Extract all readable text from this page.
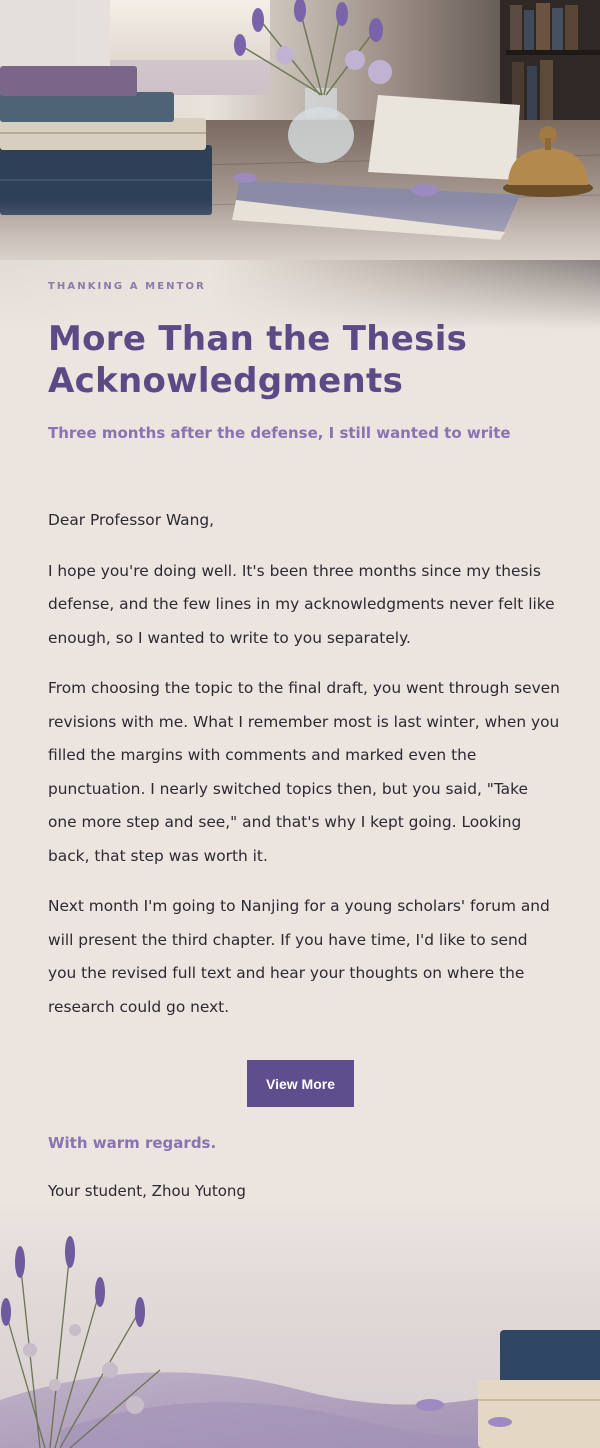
THANKING A MENTOR
More Than the Thesis Acknowledgments
Three months after the defense, I still wanted to write

Dear Professor Wang,

I hope you're doing well. It's been three months since my thesis defense, and the few lines in my acknowledgments never felt like enough, so I wanted to write to you separately.

From choosing the topic to the final draft, you went through seven revisions with me. What I remember most is last winter, when you filled the margins with comments and marked even the punctuation. I nearly switched topics then, but you said, "Take one more step and see," and that's why I kept going. Looking back, that step was worth it.

Next month I'm going to Nanjing for a young scholars' forum and will present the third chapter. If you have time, I'd like to send you the revised full text and hear your thoughts on where the research could go next.

View More
With warm regards.
Your student, Zhou Yutong
